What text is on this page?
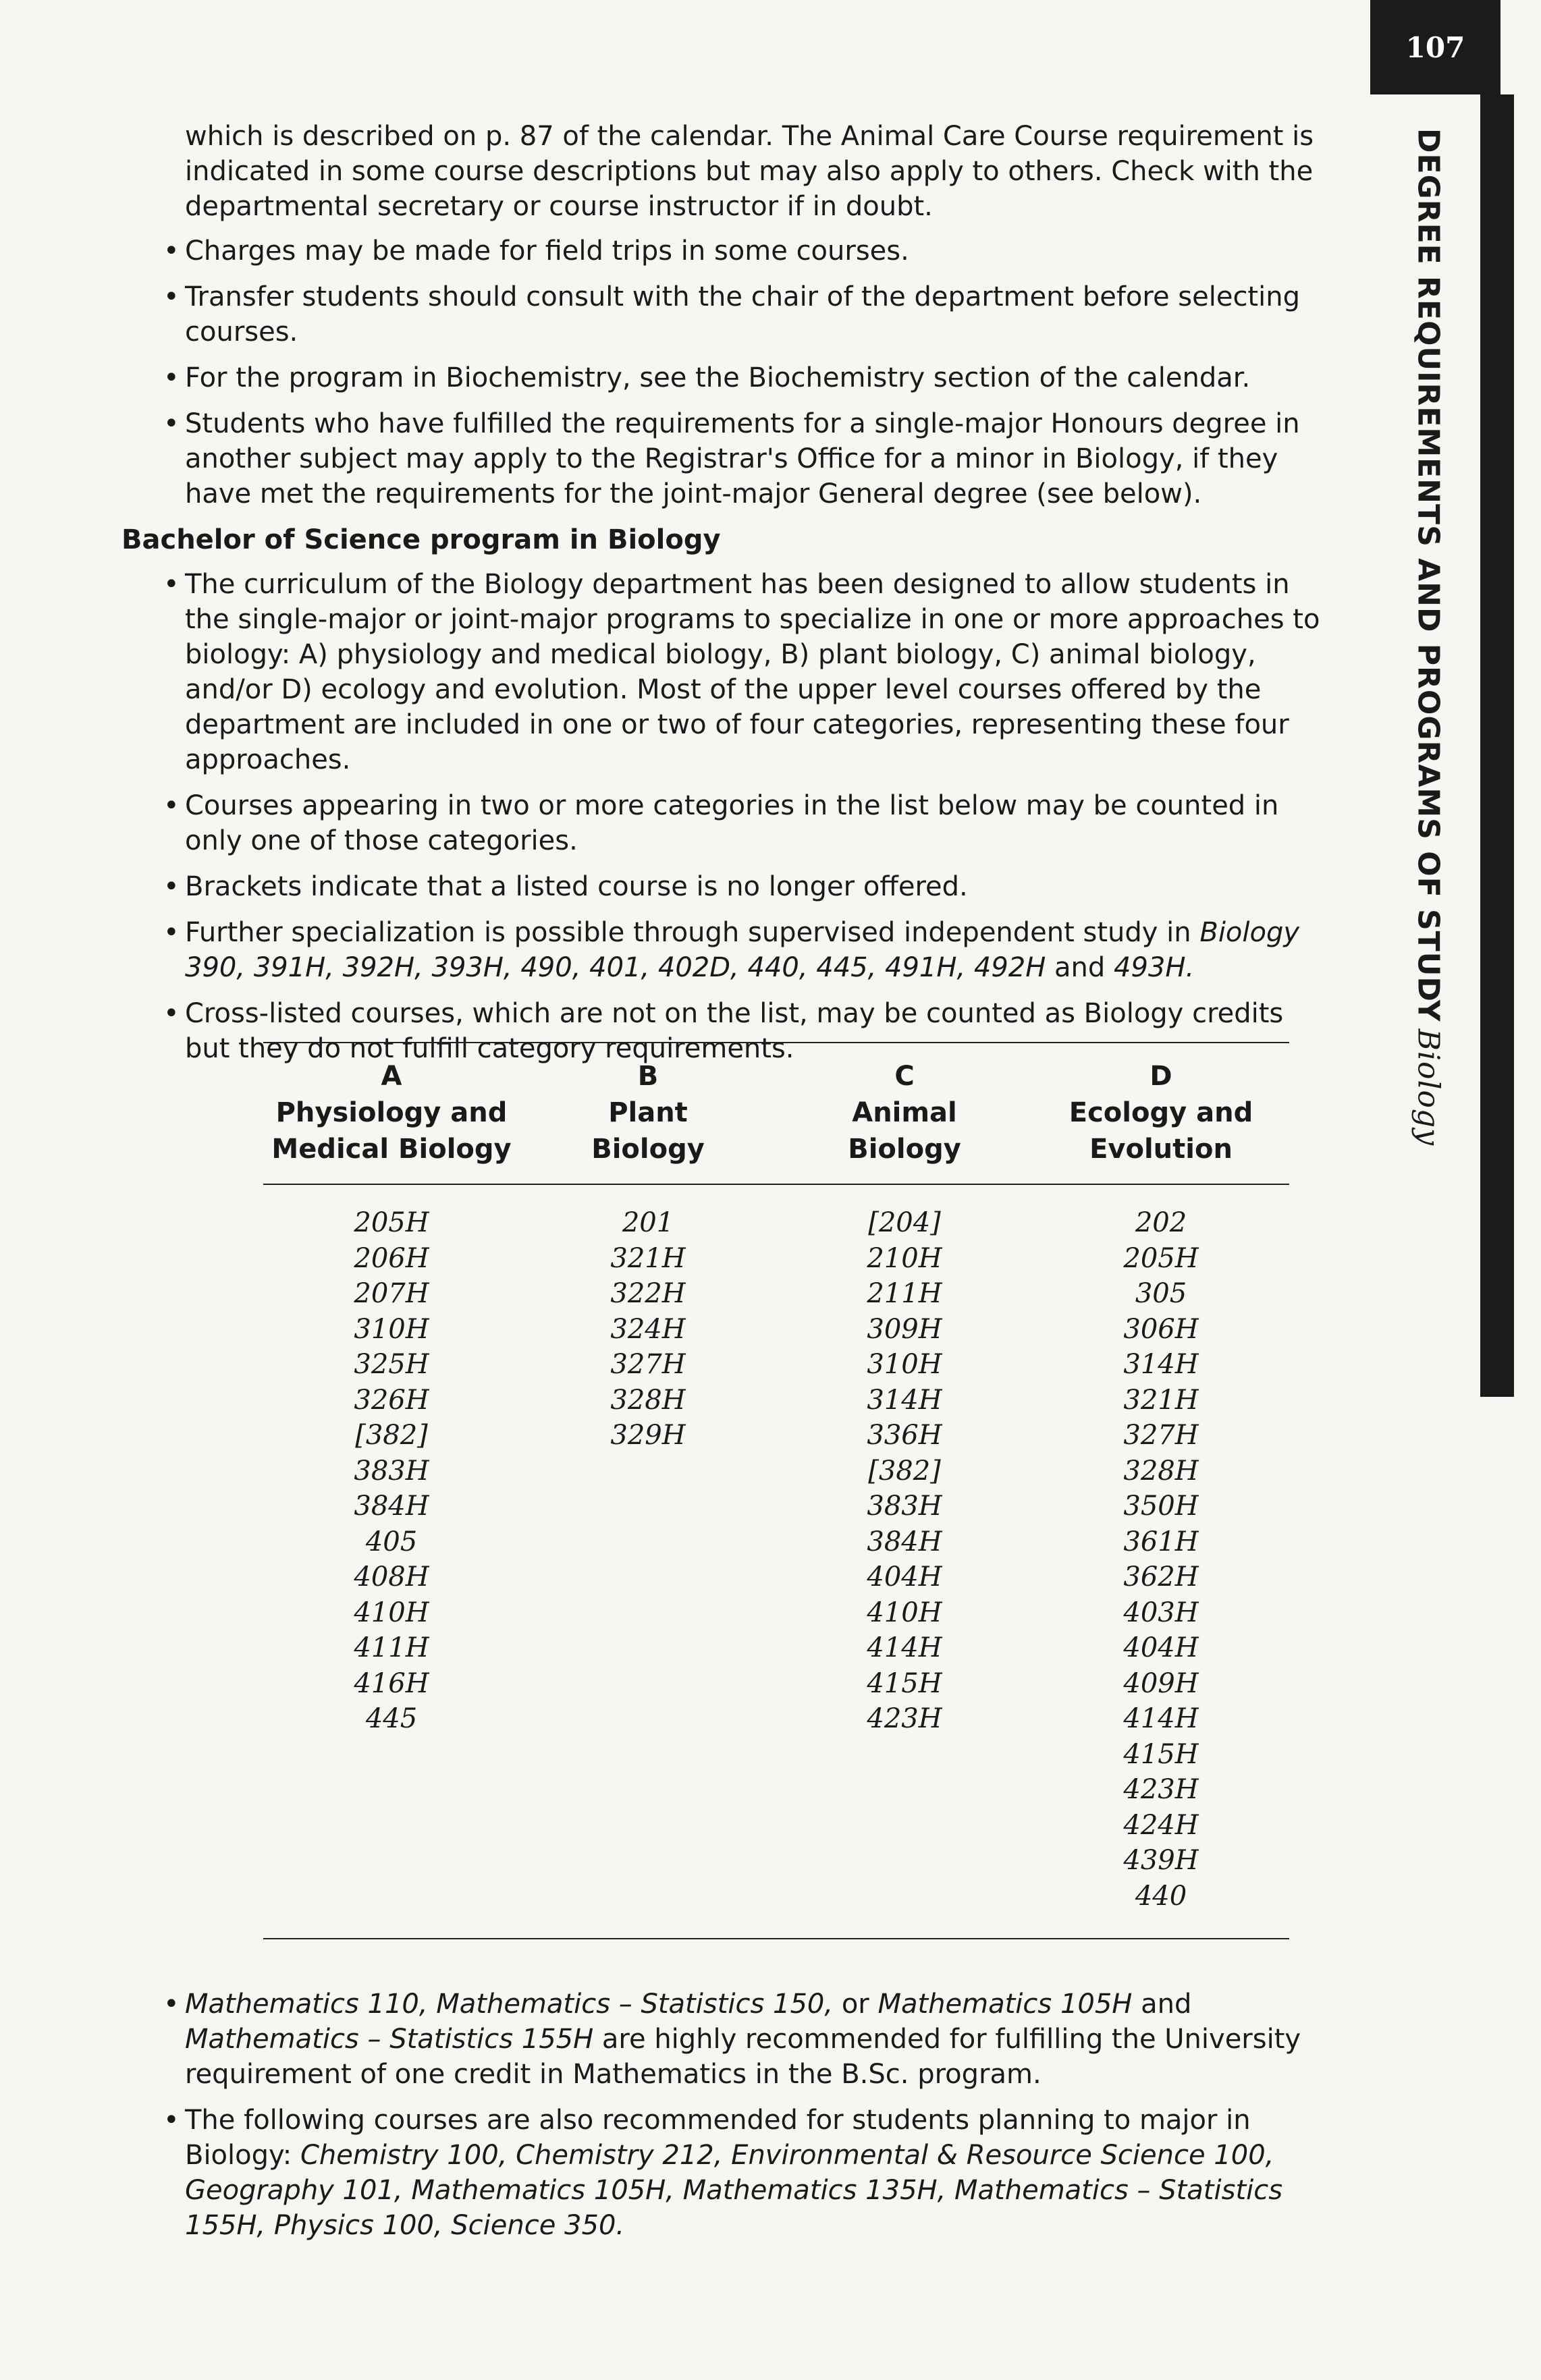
107
DEGREE REQUIREMENTS AND PROGRAMS OF STUDYBiology

which is described on p. 87 of the calendar. The Animal Care Course requirement is indicated in some course descriptions but may also apply to others. Check with the departmental secretary or course instructor if in doubt.

• Charges may be made for field trips in some courses.

• Transfer students should consult with the chair of the department before selecting courses.

• For the program in Biochemistry, see the Biochemistry section of the calendar.

• Students who have fulfilled the requirements for a single-major Honours degree in another subject may apply to the Registrar's Office for a minor in Biology, if they have met the requirements for the joint-major General degree (see below).

Bachelor of Science program in Biology

• The curriculum of the Biology department has been designed to allow students in the single-major or joint-major programs to specialize in one or more approaches to biology: A) physiology and medical biology, B) plant biology, C) animal biology, and/or D) ecology and evolution. Most of the upper level courses offered by the department are included in one or two of four categories, representing these four approaches.

• Courses appearing in two or more categories in the list below may be counted in only one of those categories.

• Brackets indicate that a listed course is no longer offered.

• Further specialization is possible through supervised independent study in Biology 390, 391H, 392H, 393H, 490, 401, 402D, 440, 445, 491H, 492H and 493H.

• Cross-listed courses, which are not on the list, may be counted as Biology credits but they do not fulfill category requirements.

A
Physiology and
Medical Biology
B
Plant
Biology
C
Animal
Biology
D
Ecology and
Evolution
205H
206H
207H
310H
325H
326H
[382]
383H
384H
405
408H
410H
411H
416H
445
201
321H
322H
324H
327H
328H
329H
[204]
210H
211H
309H
310H
314H
336H
[382]
383H
384H
404H
410H
414H
415H
423H
202
205H
305
306H
314H
321H
327H
328H
350H
361H
362H
403H
404H
409H
414H
415H
423H
424H
439H
440

• Mathematics 110, Mathematics – Statistics 150, or Mathematics 105H and Mathematics – Statistics 155H are highly recommended for fulfilling the University requirement of one credit in Mathematics in the B.Sc. program.

• The following courses are also recommended for students planning to major in Biology: Chemistry 100, Chemistry 212, Environmental & Resource Science 100, Geography 101, Mathematics 105H, Mathematics 135H, Mathematics – Statistics 155H, Physics 100, Science 350.
